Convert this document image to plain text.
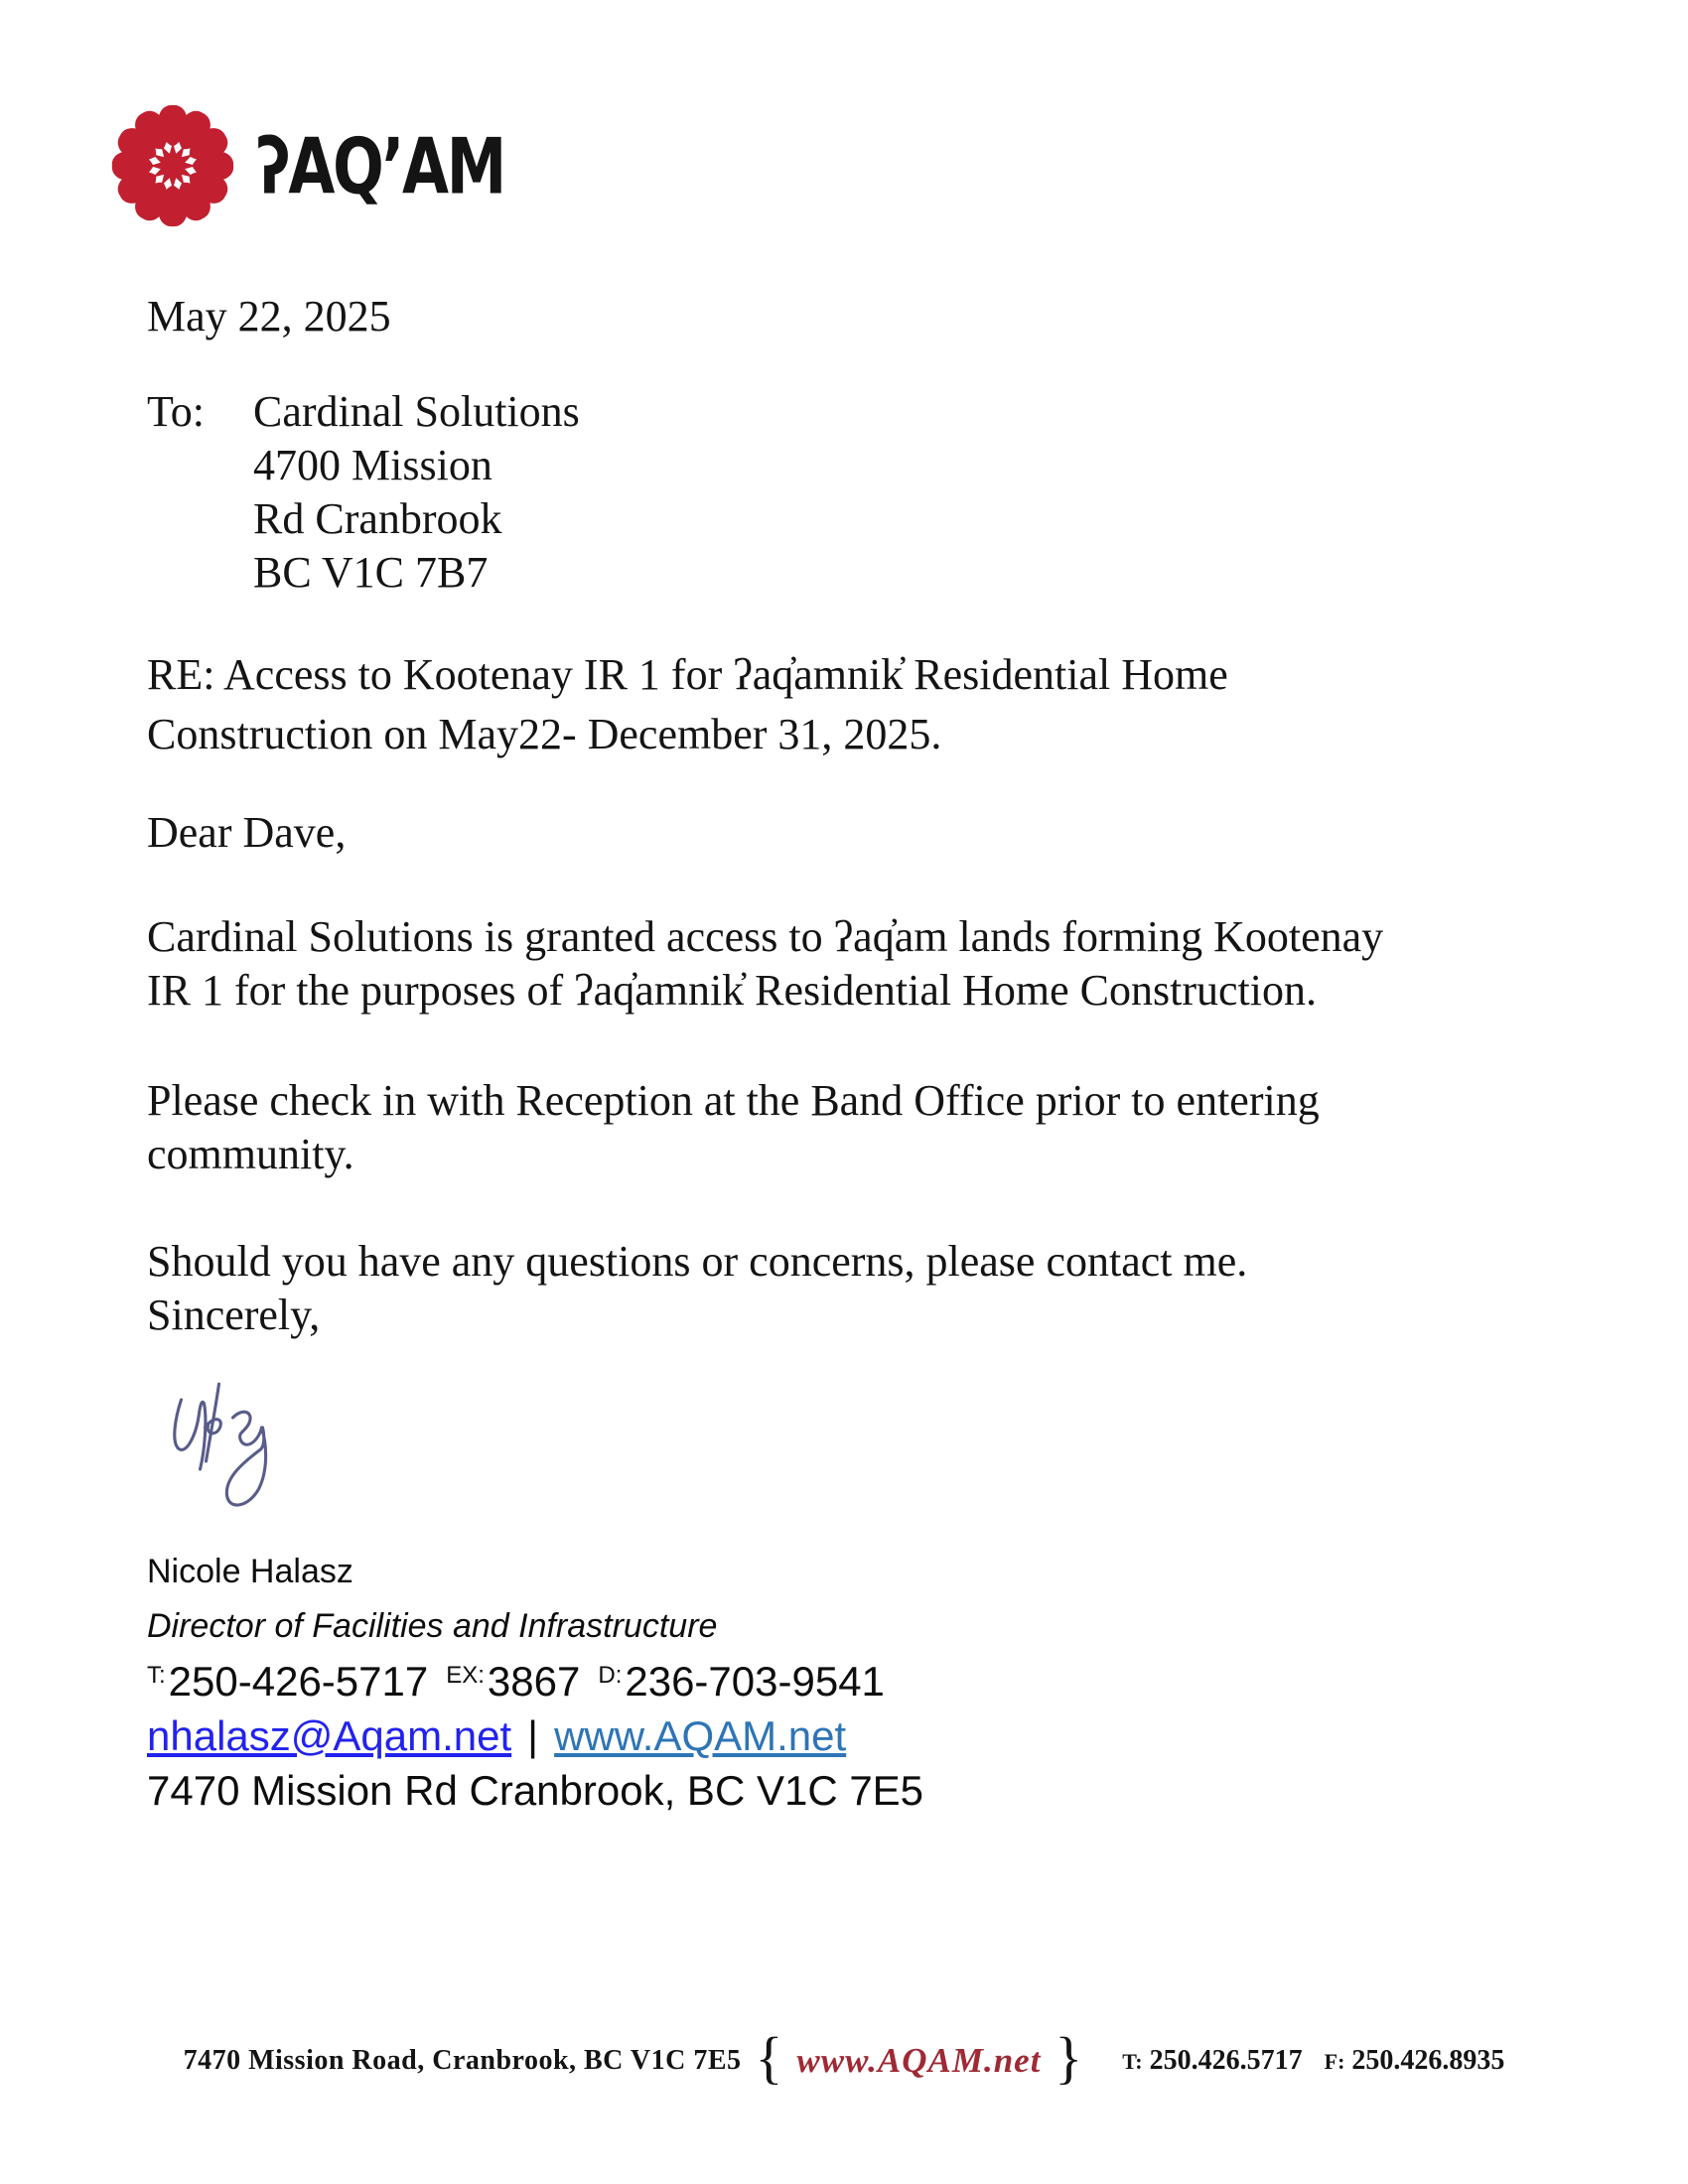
ʔAQʼAM
May 22, 2025
To:	Cardinal Solutions
4700 Mission
Rd Cranbrook
BC V1C 7B7
RE: Access to Kootenay IR 1 for ʔaq̓amnik̓ Residential Home
Construction on May22- December 31, 2025.
Dear Dave,
Cardinal Solutions is granted access to ʔaq̓am lands forming Kootenay
IR 1 for the purposes of ʔaq̓amnik̓ Residential Home Construction.
Please check in with Reception at the Band Office prior to entering
community.
Should you have any questions or concerns, please contact me.
Sincerely,
Nicole Halasz
Director of Facilities and Infrastructure
$^{T:}$250-426-5717 $^{EX:}$3867 $^{D:}$236-703-9541
nhalasz@Aqam.net | www.AQAM.net
7470 Mission Rd Cranbrook, BC V1C 7E5
7470 Mission Road, Cranbrook, BC V1C 7E5 { www.AQAM.net }	T: 250.426.5717 F: 250.426.8935
